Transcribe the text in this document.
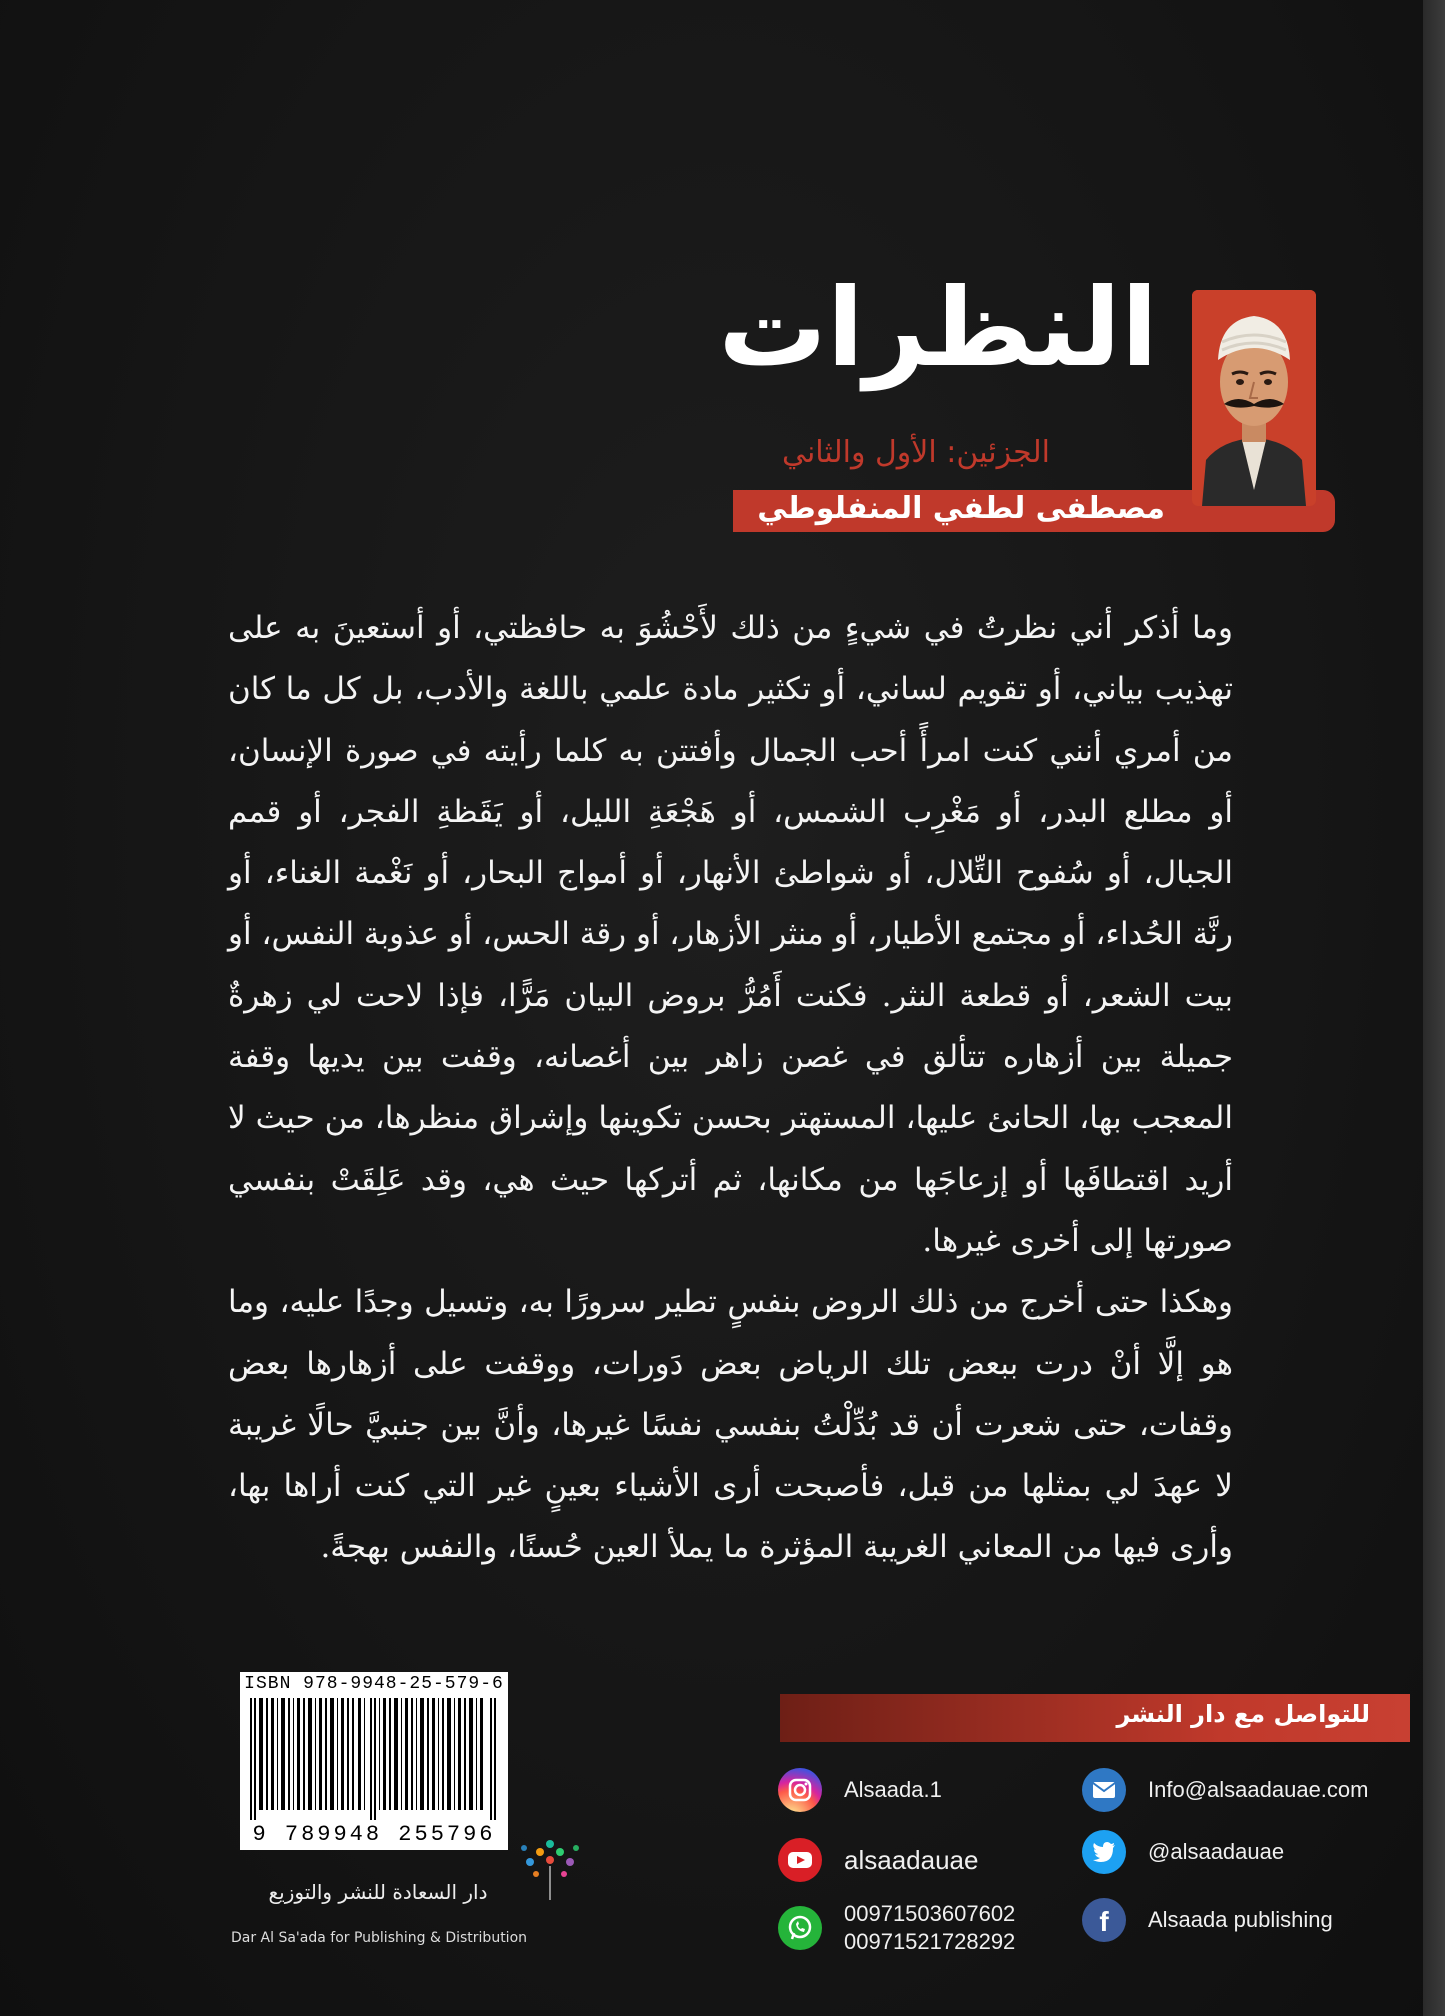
النظرات
الجزئين: الأول والثاني
مصطفى لطفي المنفلوطي

وما أذكر أني نظرتُ في شيءٍ من ذلك لأَحْشُوَ به حافظتي، أو أستعينَ به على تهذيب بياني، أو تقويم لساني، أو تكثير مادة علمي باللغة والأدب، بل كل ما كان من أمري أنني كنت امرأً أحب الجمال وأفتتن به كلما رأيته في صورة الإنسان، أو مطلع البدر، أو مَغْرِب الشمس، أو هَجْعَةِ الليل، أو يَقَظةِ الفجر، أو قمم الجبال، أو سُفوح التِّلال، أو شواطئ الأنهار، أو أمواج البحار، أو نَغْمة الغناء، أو رنَّة الحُداء، أو مجتمع الأطيار، أو منثر الأزهار، أو رقة الحس، أو عذوبة النفس، أو بيت الشعر، أو قطعة النثر. فكنت أَمُرُّ بروض البيان مَرًّا، فإذا لاحت لي زهرةٌ جميلة بين أزهاره تتألق في غصن زاهر بين أغصانه، وقفت بين يديها وقفة المعجب بها، الحانئ عليها، المستهتر بحسن تكوينها وإشراق منظرها، من حيث لا أريد اقتطافَها أو إزعاجَها من مكانها، ثم أتركها حيث هي، وقد عَلِقَتْ بنفسي صورتها إلى أخرى غيرها.

وهكذا حتى أخرج من ذلك الروض بنفسٍ تطير سرورًا به، وتسيل وجدًا عليه، وما هو إلَّا أنْ درت ببعض تلك الرياض بعض دَورات، ووقفت على أزهارها بعض وقفات، حتى شعرت أن قد بُدِّلْتُ بنفسي نفسًا غيرها، وأنَّ بين جنبيَّ حالًا غريبة لا عهدَ لي بمثلها من قبل، فأصبحت أرى الأشياء بعينٍ غير التي كنت أراها بها، وأرى فيها من المعاني الغريبة المؤثرة ما يملأ العين حُسنًا، والنفس بهجةً.

ISBN 978-9948-25-579-6
9 789948 255796
دار السعادة للنشر والتوزيع
Dar Al Sa'ada for Publishing & Distribution
للتواصل مع دار النشر
Alsaada.1
alsaadauae
00971503607602
00971521728292
Info@alsaadauae.com
@alsaadauae
f Alsaada publishing
